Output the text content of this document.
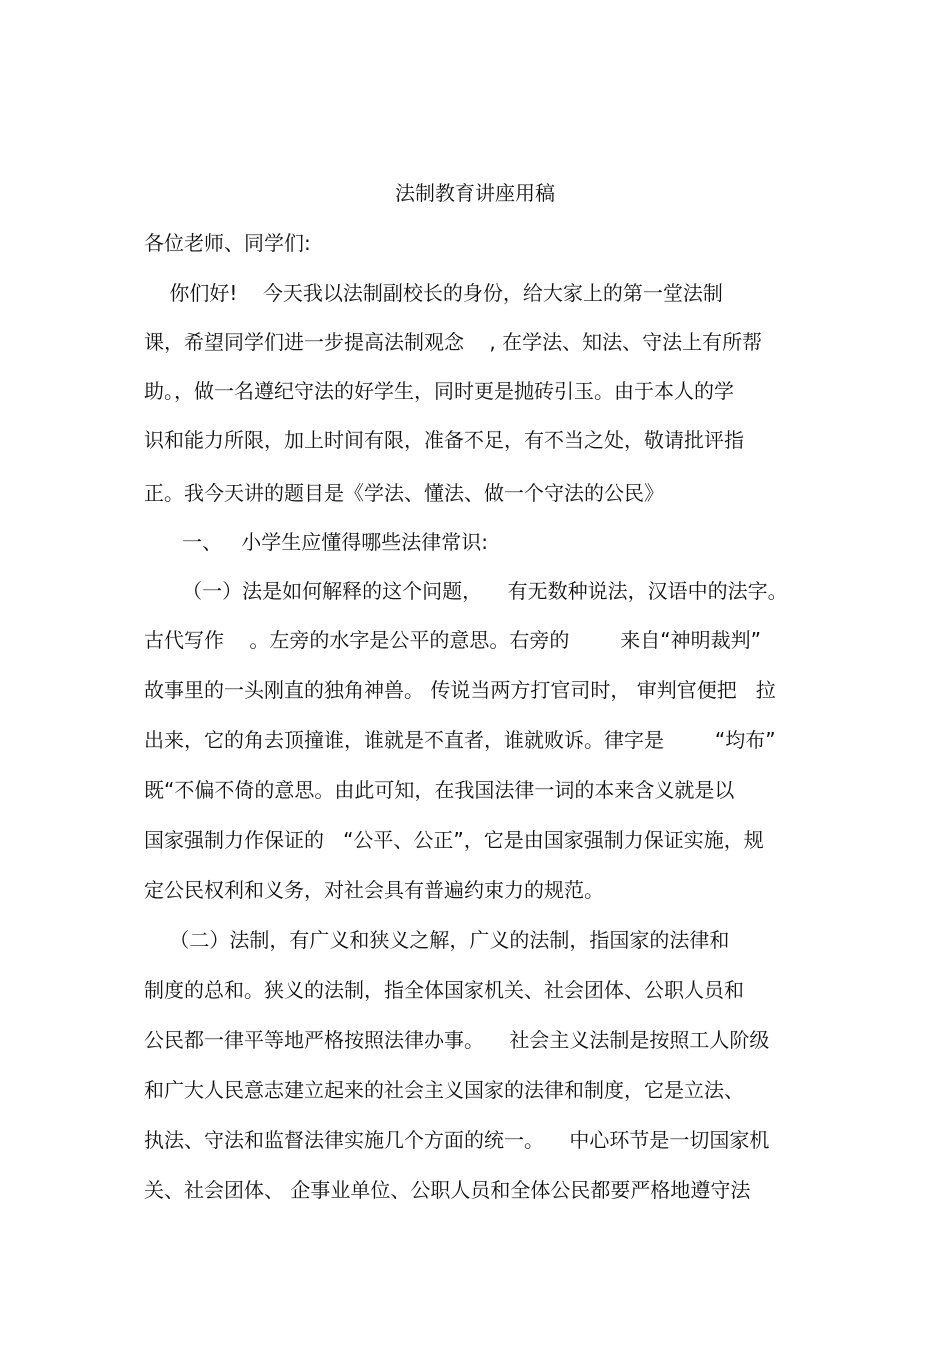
法制教育讲座用稿
各位老师、同学们:
你们好!    今天我以法制副校长的身份，给大家上的第一堂法制
课，希望同学们进一步提高法制观念    , 在学法、知法、守法上有所帮
助。，做一名遵纪守法的好学生，同时更是抛砖引玉。由于本人的学
识和能力所限，加上时间有限，准备不足，有不当之处，敬请批评指
正。我今天讲的题目是《学法、懂法、做一个守法的公民》
一、   小学生应懂得哪些法律常识:
（一）法是如何解释的这个问题，    有无数种说法，汉语中的法字。
古代写作    。左旁的水字是公平的意思。右旁的        来自“神明裁判”
故事里的一头刚直的独角神兽。 传说当两方打官司时， 审判官便把   拉
出来，它的角去顶撞谁，谁就是不直者，谁就败诉。律字是        “均布”
既“不偏不倚的意思。由此可知，在我国法律一词的本来含义就是以
国家强制力作保证的   “公平、公正”，它是由国家强制力保证实施，规
定公民权利和义务，对社会具有普遍约束力的规范。
（二）法制，有广义和狭义之解，广义的法制，指国家的法律和
制度的总和。狭义的法制，指全体国家机关、社会团体、公职人员和
公民都一律平等地严格按照法律办事。    社会主义法制是按照工人阶级
和广大人民意志建立起来的社会主义国家的法律和制度，它是立法、
执法、守法和监督法律实施几个方面的统一。    中心环节是一切国家机
关、社会团体、 企事业单位、公职人员和全体公民都要严格地遵守法
